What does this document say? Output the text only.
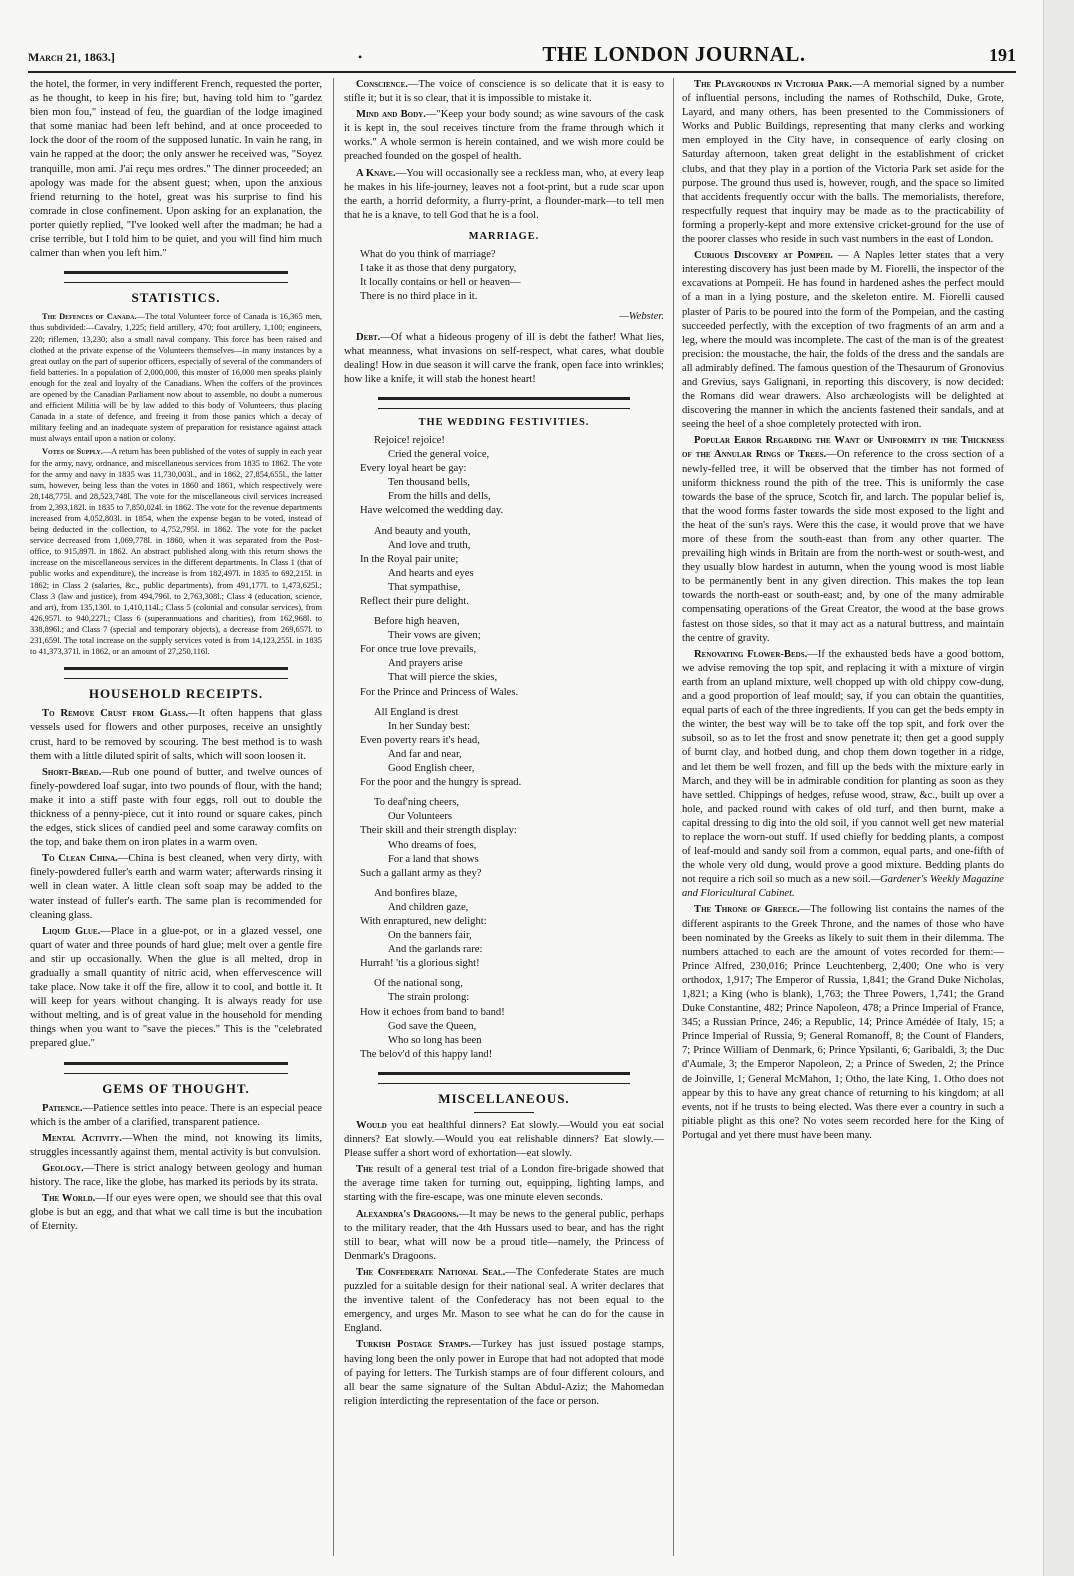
March 21, 1863.]	•	THE LONDON JOURNAL.	191

the hotel, the former, in very indifferent French, requested the porter, as he thought, to keep in his fire; but, having told him to "gardez bien mon fou," instead of feu, the guardian of the lodge imagined that some maniac had been left behind, and at once proceeded to lock the door of the room of the supposed lunatic. In vain he rang, in vain he rapped at the door; the only answer he received was, "Soyez tranquille, mon ami. J'ai reçu mes ordres." The dinner proceeded; an apology was made for the absent guest; when, upon the anxious friend returning to the hotel, great was his surprise to find his comrade in close confinement. Upon asking for an explanation, the porter quietly replied, "I've looked well after the madman; he had a crise terrible, but I told him to be quiet, and you will find him much calmer than when you left him."

STATISTICS.

The Defences of Canada.—The total Volunteer force of Canada is 16,365 men, thus subdivided:—Cavalry, 1,225; field artillery, 470; foot artillery, 1,100; engineers, 220; riflemen, 13,230; also a small naval company. This force has been raised and clothed at the private expense of the Volunteers themselves—in many instances by a great outlay on the part of superior officers, especially of several of the commanders of field batteries. In a population of 2,000,000, this muster of 16,000 men speaks plainly enough for the zeal and loyalty of the Canadians. When the coffers of the provinces are opened by the Canadian Parliament now about to assemble, no doubt a numerous and efficient Militia will be by law added to this body of Volunteers, thus placing Canada in a state of defence, and freeing it from those panics which a decay of military feeling and an inadequate system of preparation for resistance against attack must always entail upon a nation or colony.

Votes of Supply.—A return has been published of the votes of supply in each year for the army, navy, ordnance, and miscellaneous services from 1835 to 1862. The vote for the army and navy in 1835 was 11,730,003l., and in 1862, 27,854,655l., the latter sum, however, being less than the votes in 1860 and 1861, which respectively were 28,148,775l. and 28,523,748l. The vote for the miscellaneous civil services increased from 2,393,182l. in 1835 to 7,850,024l. in 1862. The vote for the revenue departments increased from 4,052,803l. in 1854, when the expense began to be voted, instead of being deducted in the collection, to 4,752,795l. in 1862. The vote for the packet service decreased from 1,069,778l. in 1860, when it was separated from the Post-office, to 915,897l. in 1862. An abstract published along with this return shows the increase on the miscellaneous services in the different departments. In Class 1 (that of public works and expenditure), the increase is from 182,497l. in 1835 to 692,215l. in 1862; in Class 2 (salaries, &c., public departments), from 491,177l. to 1,473,625l.; Class 3 (law and justice), from 494,796l. to 2,763,308l.; Class 4 (education, science, and art), from 135,130l. to 1,410,114l.; Class 5 (colonial and consular services), from 426,957l. to 940,227l.; Class 6 (superannuations and charities), from 162,968l. to 338,896l.; and Class 7 (special and temporary objects), a decrease from 269,657l. to 231,659l. The total increase on the supply services voted is from 14,123,255l. in 1835 to 41,373,371l. in 1862, or an amount of 27,250,116l.

HOUSEHOLD RECEIPTS.

To Remove Crust from Glass.—It often happens that glass vessels used for flowers and other purposes, receive an unsightly crust, hard to be removed by scouring. The best method is to wash them with a little diluted spirit of salts, which will soon loosen it.

Short-Bread.—Rub one pound of butter, and twelve ounces of finely-powdered loaf sugar, into two pounds of flour, with the hand; make it into a stiff paste with four eggs, roll out to double the thickness of a penny-piece, cut it into round or square cakes, pinch the edges, stick slices of candied peel and some caraway comfits on the top, and bake them on iron plates in a warm oven.

To Clean China.—China is best cleaned, when very dirty, with finely-powdered fuller's earth and warm water; afterwards rinsing it well in clean water. A little clean soft soap may be added to the water instead of fuller's earth. The same plan is recommended for cleaning glass.

Liquid Glue.—Place in a glue-pot, or in a glazed vessel, one quart of water and three pounds of hard glue; melt over a gentle fire and stir up occasionally. When the glue is all melted, drop in gradually a small quantity of nitric acid, when effervescence will take place. Now take it off the fire, allow it to cool, and bottle it. It will keep for years without changing. It is always ready for use without melting, and is of great value in the household for mending things when you want to "save the pieces." This is the "celebrated prepared glue."

GEMS OF THOUGHT.

Patience.—Patience settles into peace. There is an especial peace which is the amber of a clarified, transparent patience.

Mental Activity.—When the mind, not knowing its limits, struggles incessantly against them, mental activity is but convulsion.

Geology.—There is strict analogy between geology and human history. The race, like the globe, has marked its periods by its strata.

The World.—If our eyes were open, we should see that this oval globe is but an egg, and that what we call time is but the incubation of Eternity.

Conscience.—The voice of conscience is so delicate that it is easy to stifle it; but it is so clear, that it is impossible to mistake it.

Mind and Body.—"Keep your body sound; as wine savours of the cask it is kept in, the soul receives tincture from the frame through which it works." A whole sermon is herein contained, and we wish more could be preached founded on the gospel of health.

A Knave.—You will occasionally see a reckless man, who, at every leap he makes in his life-journey, leaves not a foot-print, but a rude scar upon the earth, a horrid deformity, a flurry-print, a flounder-mark—to tell men that he is a knave, to tell God that he is a fool.

MARRIAGE.
What do you think of marriage?
I take it as those that deny purgatory,
It locally contains or hell or heaven—
There is no third place in it.
—Webster.

Debt.—Of what a hideous progeny of ill is debt the father! What lies, what meanness, what invasions on self-respect, what cares, what double dealing! How in due season it will carve the frank, open face into wrinkles; how like a knife, it will stab the honest heart!

THE WEDDING FESTIVITIES.
Rejoice! rejoice!
Cried the general voice,
Every loyal heart be gay:
Ten thousand bells,
From the hills and dells,
Have welcomed the wedding day.
And beauty and youth,
And love and truth,
In the Royal pair unite;
And hearts and eyes
That sympathise,
Reflect their pure delight.
Before high heaven,
Their vows are given;
For once true love prevails,
And prayers arise
That will pierce the skies,
For the Prince and Princess of Wales.
All England is drest
In her Sunday best:
Even poverty rears it's head,
And far and near,
Good English cheer,
For the poor and the hungry is spread.
To deaf'ning cheers,
Our Volunteers
Their skill and their strength display:
Who dreams of foes,
For a land that shows
Such a gallant army as they?
And bonfires blaze,
And children gaze,
With enraptured, new delight:
On the banners fair,
And the garlands rare:
Hurrah! 'tis a glorious sight!
Of the national song,
The strain prolong:
How it echoes from band to band!
God save the Queen,
Who so long has been
The belov'd of this happy land!
MISCELLANEOUS.

Would you eat healthful dinners? Eat slowly.—Would you eat social dinners? Eat slowly.—Would you eat relishable dinners? Eat slowly.—Please suffer a short word of exhortation—eat slowly.

The result of a general test trial of a London fire-brigade showed that the average time taken for turning out, equipping, lighting lamps, and starting with the fire-escape, was one minute eleven seconds.

Alexandra's Dragoons.—It may be news to the general public, perhaps to the military reader, that the 4th Hussars used to bear, and has the right still to bear, what will now be a proud title—namely, the Princess of Denmark's Dragoons.

The Confederate National Seal.—The Confederate States are much puzzled for a suitable design for their national seal. A writer declares that the inventive talent of the Confederacy has not been equal to the emergency, and urges Mr. Mason to see what he can do for the cause in England.

Turkish Postage Stamps.—Turkey has just issued postage stamps, having long been the only power in Europe that had not adopted that mode of paying for letters. The Turkish stamps are of four different colours, and all bear the same signature of the Sultan Abdul-Aziz; the Mahomedan religion interdicting the representation of the face or person.

The Playgrounds in Victoria Park.—A memorial signed by a number of influential persons, including the names of Rothschild, Duke, Grote, Layard, and many others, has been presented to the Commissioners of Works and Public Buildings, representing that many clerks and working men employed in the City have, in consequence of early closing on Saturday afternoon, taken great delight in the establishment of cricket clubs, and that they play in a portion of the Victoria Park set aside for the purpose. The ground thus used is, however, rough, and the space so limited that accidents frequently occur with the balls. The memorialists, therefore, respectfully request that inquiry may be made as to the practicability of forming a properly-kept and more extensive cricket-ground for the use of the poorer classes who reside in such vast numbers in the east of London.

Curious Discovery at Pompeii. — A Naples letter states that a very interesting discovery has just been made by M. Fiorelli, the inspector of the excavations at Pompeii. He has found in hardened ashes the perfect mould of a man in a lying posture, and the skeleton entire. M. Fiorelli caused plaster of Paris to be poured into the form of the Pompeian, and the casting succeeded perfectly, with the exception of two fragments of an arm and a leg, where the mould was incomplete. The cast of the man is of the greatest precision: the moustache, the hair, the folds of the dress and the sandals are all admirably defined. The famous question of the Thesaurum of Gronovius and Grevius, says Galignani, in reporting this discovery, is now decided: the Romans did wear drawers. Also archæologists will be delighted at discovering the manner in which the ancients fastened their sandals, and at seeing the heel of a shoe completely protected with iron.

Popular Error Regarding the Want of Uniformity in the Thickness of the Annular Rings of Trees.—On reference to the cross section of a newly-felled tree, it will be observed that the timber has not formed of uniform thickness round the pith of the tree. This is uniformly the case towards the base of the spruce, Scotch fir, and larch. The popular belief is, that the wood forms faster towards the side most exposed to the light and the heat of the sun's rays. Were this the case, it would prove that we have more of these from the south-east than from any other quarter. The prevailing high winds in Britain are from the north-west or south-west, and they usually blow hardest in autumn, when the young wood is most liable to be permanently bent in any given direction. This makes the top lean towards the north-east or south-east; and, by one of the many admirable compensating operations of the Great Creator, the wood at the base grows fastest on those sides, so that it may act as a natural buttress, and maintain the centre of gravity.

Renovating Flower-Beds.—If the exhausted beds have a good bottom, we advise removing the top spit, and replacing it with a mixture of virgin earth from an upland mixture, well chopped up with old chippy cow-dung, and a good proportion of leaf mould; say, if you can obtain the quantities, equal parts of each of the three ingredients. If you can get the beds empty in the winter, the best way will be to take off the top spit, and fork over the subsoil, so as to let the frost and snow penetrate it; then get a good supply of burnt clay, and hotbed dung, and chop them down together in a ridge, and let them be well frozen, and fill up the beds with the mixture early in March, and they will be in admirable condition for planting as soon as they have settled. Chippings of hedges, refuse wood, straw, &c., built up over a hole, and packed round with cakes of old turf, and then burnt, make a capital dressing to dig into the old soil, if you cannot well get new material to replace the worn-out stuff. If used chiefly for bedding plants, a compost of leaf-mould and sandy soil from a common, equal parts, and one-fifth of the whole very old dung, would prove a good mixture. Bedding plants do not require a rich soil so much as a new soil.—Gardener's Weekly Magazine and Floricultural Cabinet.

The Throne of Greece.—The following list contains the names of the different aspirants to the Greek Throne, and the names of those who have been nominated by the Greeks as likely to suit them in their dilemma. The numbers attached to each are the amount of votes recorded for them:—Prince Alfred, 230,016; Prince Leuchtenberg, 2,400; One who is very orthodox, 1,917; The Emperor of Russia, 1,841; the Grand Duke Nicholas, 1,821; a King (who is blank), 1,763; the Three Powers, 1,741; the Grand Duke Constantine, 482; Prince Napoleon, 478; a Prince Imperial of France, 345; a Russian Prince, 246; a Republic, 14; Prince Amédée of Italy, 15; a Prince Imperial of Russia, 9; General Romanoff, 8; the Count of Flanders, 7; Prince William of Denmark, 6; Prince Ypsilanti, 6; Garibaldi, 3; the Duc d'Aumale, 3; the Emperor Napoleon, 2; a Prince of Sweden, 2; the Prince de Joinville, 1; General McMahon, 1; Otho, the late King, 1. Otho does not appear by this to have any great chance of returning to his kingdom; at all events, not if he trusts to being elected. Was there ever a country in such a pitiable plight as this one? No votes seem recorded here for the King of Portugal and yet there must have been many.
